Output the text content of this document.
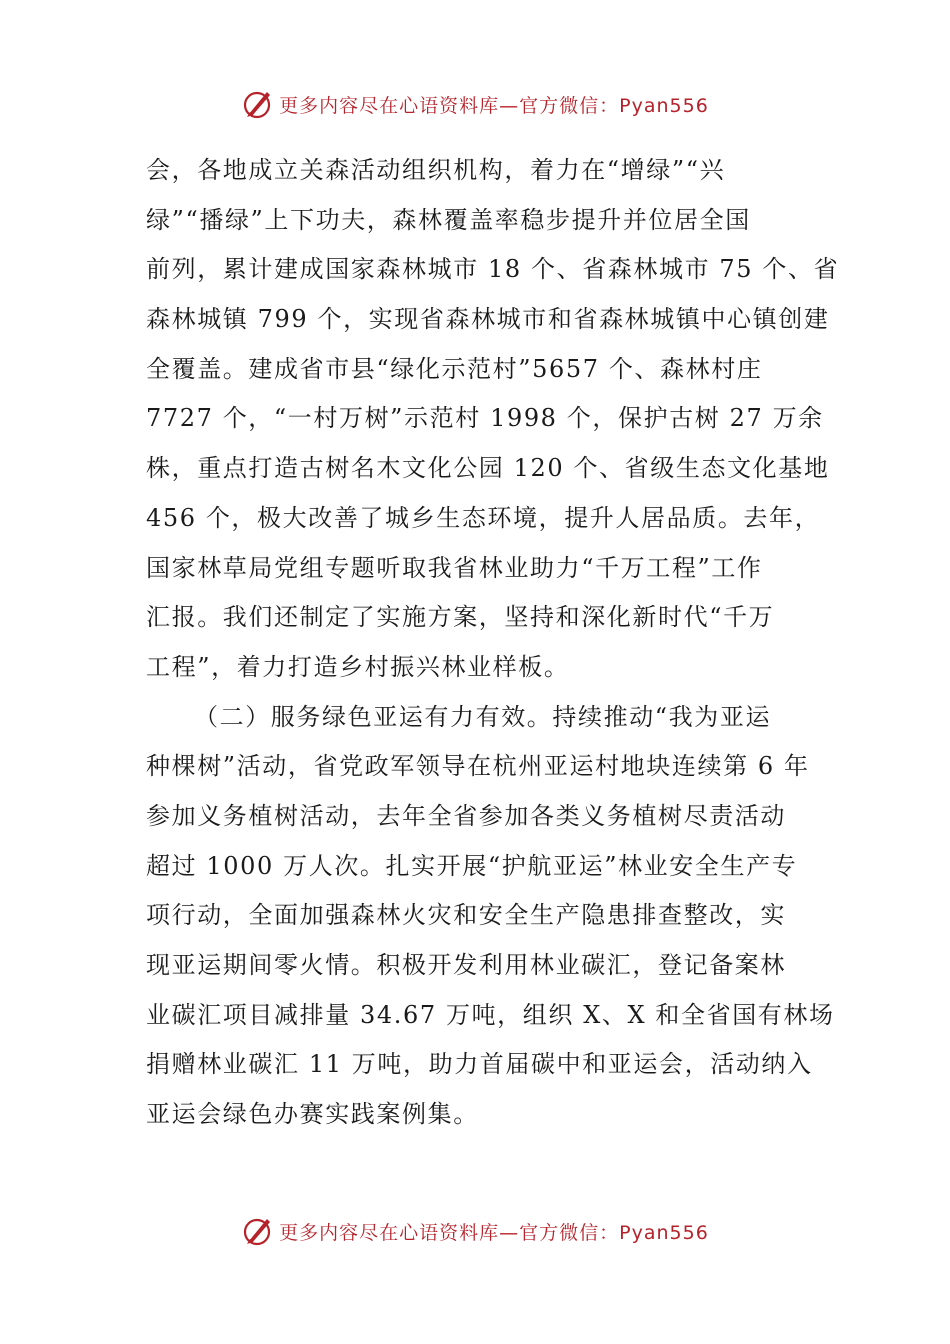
更多内容尽在心语资料库—官方微信：Pyan556
会，各地成立关森活动组织机构，着力在“增绿”“兴
绿”“播绿”上下功夫，森林覆盖率稳步提升并位居全国
前列，累计建成国家森林城市 18 个、省森林城市 75 个、省
森林城镇 799 个，实现省森林城市和省森林城镇中心镇创建
全覆盖。建成省市县“绿化示范村”5657 个、森林村庄
7727 个，“一村万树”示范村 1998 个，保护古树 27 万余
株，重点打造古树名木文化公园 120 个、省级生态文化基地
456 个，极大改善了城乡生态环境，提升人居品质。去年，
国家林草局党组专题听取我省林业助力“千万工程”工作
汇报。我们还制定了实施方案，坚持和深化新时代“千万
工程”，着力打造乡村振兴林业样板。
（二）服务绿色亚运有力有效。持续推动“我为亚运
种棵树”活动，省党政军领导在杭州亚运村地块连续第 6 年
参加义务植树活动，去年全省参加各类义务植树尽责活动
超过 1000 万人次。扎实开展“护航亚运”林业安全生产专
项行动，全面加强森林火灾和安全生产隐患排查整改，实
现亚运期间零火情。积极开发利用林业碳汇，登记备案林
业碳汇项目减排量 34.67 万吨，组织 X、X 和全省国有林场
捐赠林业碳汇 11 万吨，助力首届碳中和亚运会，活动纳入
亚运会绿色办赛实践案例集。
更多内容尽在心语资料库—官方微信：Pyan556
